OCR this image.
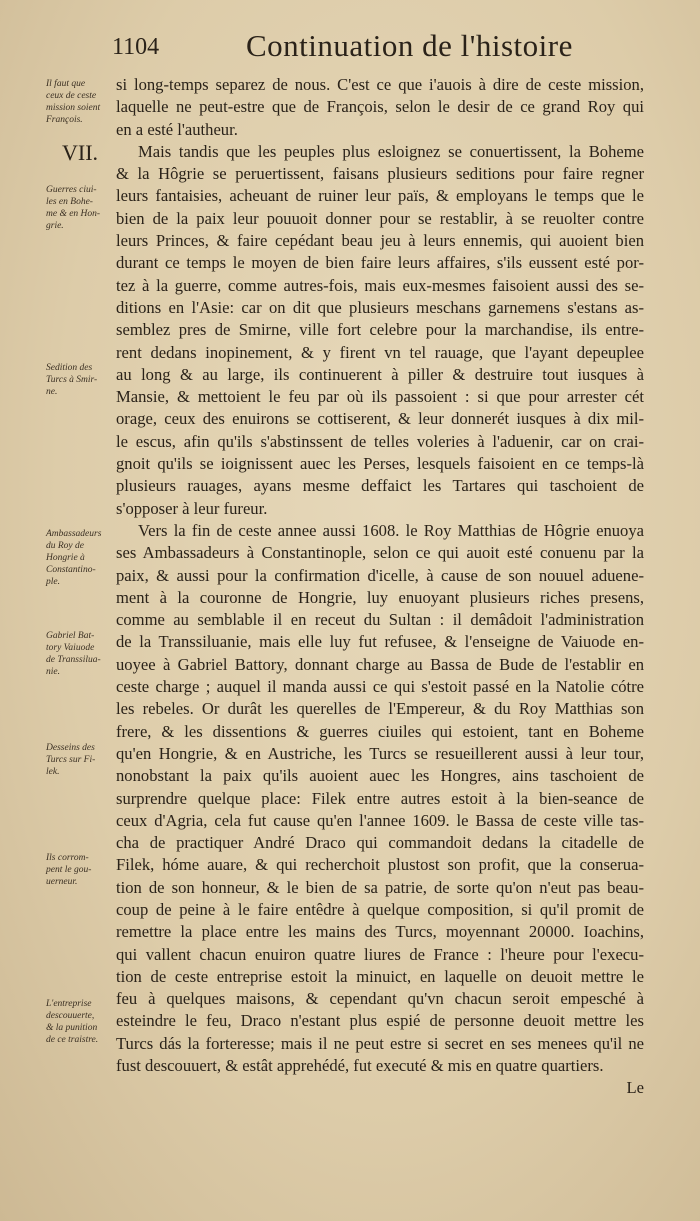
1104	Continuation de l'histoire
VII.
Il faut que
ceux de ceste
mission soient
François.
Guerres ciui-
les en Bohe-
me & en Hon-
grie.
Sedition des
Turcs à Smir-
ne.
Ambassadeurs
du Roy de
Hongrie à
Constantino-
ple.
Gabriel Bat-
tory Vaiuode
de Transsilua-
nie.
Desseins des
Turcs sur Fi-
lek.
Ils corrom-
pent le gou-
uerneur.
L'entreprise
descouuerte,
& la punition
de ce traistre.
si long-temps separez de nous. C'est ce que i'auois à dire de ceste mission,
laquelle ne peut-estre que de François, selon le desir de ce grand Roy qui
en a esté l'autheur.
Mais tandis que les peuples plus esloignez se conuertissent, la Boheme
& la Hôgrie se peruertissent, faisans plusieurs seditions pour faire regner
leurs fantaisies, acheuant de ruiner leur païs, & employans le temps que le
bien de la paix leur pouuoit donner pour se restablir, à se reuolter contre
leurs Princes, & faire cepédant beau jeu à leurs ennemis, qui auoient bien
durant ce temps le moyen de bien faire leurs affaires, s'ils eussent esté por-
tez à la guerre, comme autres-fois, mais eux-mesmes faisoient aussi des se-
ditions en l'Asie: car on dit que plusieurs meschans garnemens s'estans as-
semblez pres de Smirne, ville fort celebre pour la marchandise, ils entre-
rent dedans inopinement, & y firent vn tel rauage, que l'ayant depeuplee
au long & au large, ils continuerent à piller & destruire tout iusques à
Mansie, & mettoient le feu par où ils passoient : si que pour arrester cét
orage, ceux des enuirons se cottiserent, & leur donnerét iusques à dix mil-
le escus, afin qu'ils s'abstinssent de telles voleries à l'aduenir, car on crai-
gnoit qu'ils se ioignissent auec les Perses, lesquels faisoient en ce temps-là
plusieurs rauages, ayans mesme deffaict les Tartares qui taschoient de
s'opposer à leur fureur.
Vers la fin de ceste annee aussi 1608. le Roy Matthias de Hôgrie enuoya
ses Ambassadeurs à Constantinople, selon ce qui auoit esté conuenu par la
paix, & aussi pour la confirmation d'icelle, à cause de son nouuel aduene-
ment à la couronne de Hongrie, luy enuoyant plusieurs riches presens,
comme au semblable il en receut du Sultan : il demâdoit l'administration
de la Transsiluanie, mais elle luy fut refusee, & l'enseigne de Vaiuode en-
uoyee à Gabriel Battory, donnant charge au Bassa de Bude de l'establir en
ceste charge ; auquel il manda aussi ce qui s'estoit passé en la Natolie cótre
les rebeles. Or durât les querelles de l'Empereur, & du Roy Matthias son
frere, & les dissentions & guerres ciuiles qui estoient, tant en Boheme
qu'en Hongrie, & en Austriche, les Turcs se resueillerent aussi à leur tour,
nonobstant la paix qu'ils auoient auec les Hongres, ains taschoient de
surprendre quelque place: Filek entre autres estoit à la bien-seance de
ceux d'Agria, cela fut cause qu'en l'annee 1609. le Bassa de ceste ville tas-
cha de practiquer André Draco qui commandoit dedans la citadelle de
Filek, hóme auare, & qui recherchoit plustost son profit, que la conserua-
tion de son honneur, & le bien de sa patrie, de sorte qu'on n'eut pas beau-
coup de peine à le faire entêdre à quelque composition, si qu'il promit de
remettre la place entre les mains des Turcs, moyennant 20000. Ioachins,
qui vallent chacun enuiron quatre liures de France : l'heure pour l'execu-
tion de ceste entreprise estoit la minuict, en laquelle on deuoit mettre le
feu à quelques maisons, & cependant qu'vn chacun seroit empesché à
esteindre le feu, Draco n'estant plus espié de personne deuoit mettre les
Turcs dás la forteresse; mais il ne peut estre si secret en ses menees qu'il ne
fust descouuert, & estât apprehédé, fut executé & mis en quatre quartiers.
Le
